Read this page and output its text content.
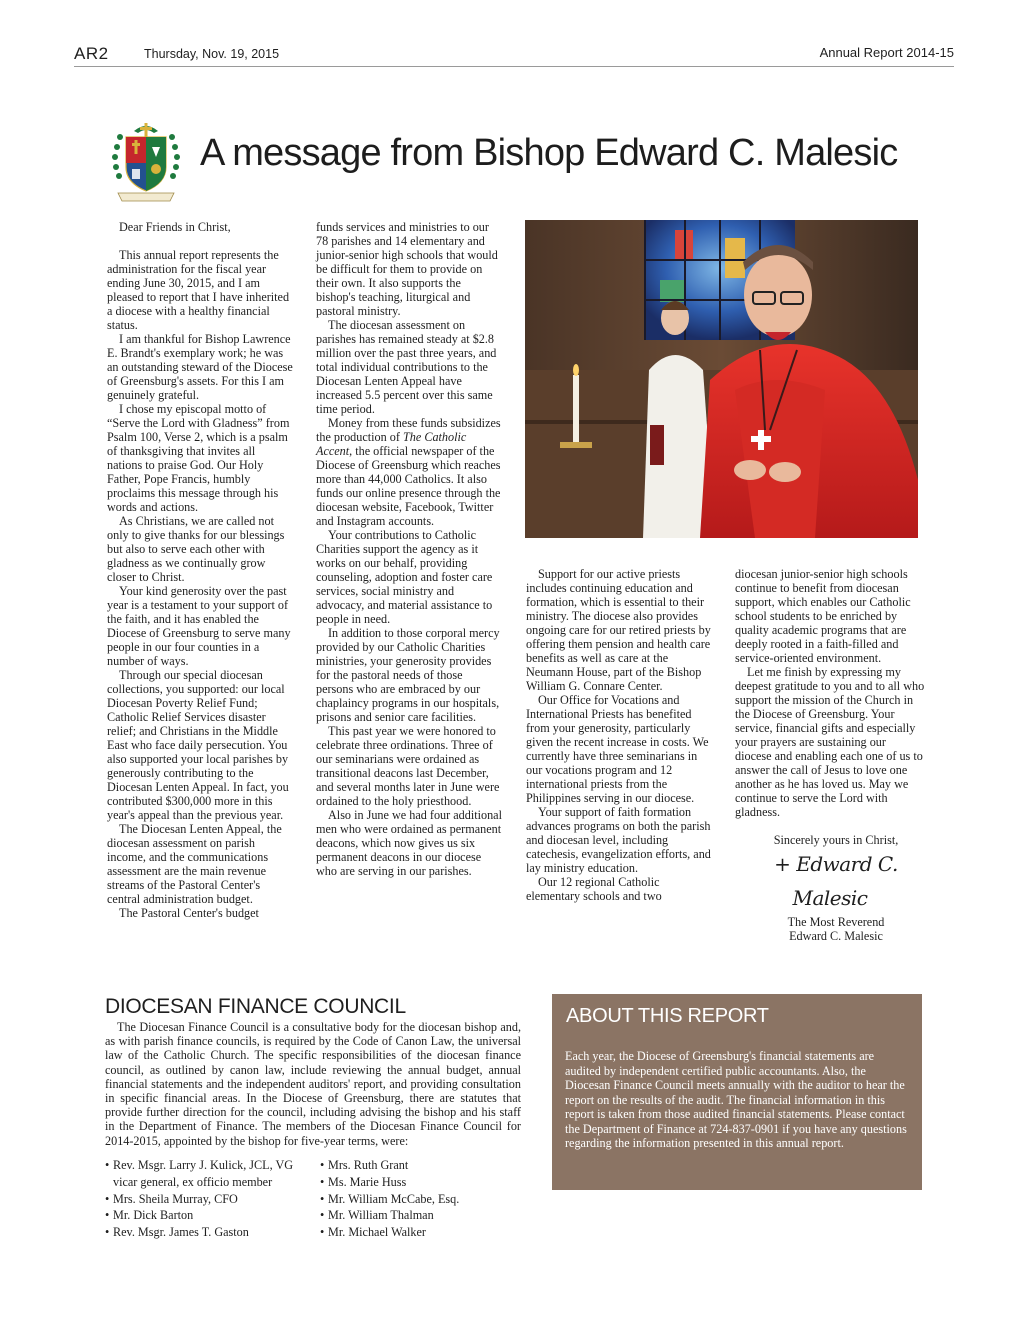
AR2	Thursday, Nov. 19, 2015	Annual Report 2014-15
A message from Bishop Edward C. Malesic

Dear Friends in Christ,

This annual report represents the administration for the fiscal year ending June 30, 2015, and I am pleased to report that I have inherited a diocese with a healthy financial status.

I am thankful for Bishop Lawrence E. Brandt's exemplary work; he was an outstanding steward of the Diocese of Greensburg's assets. For this I am genuinely grateful.

I chose my episcopal motto of “Serve the Lord with Gladness” from Psalm 100, Verse 2, which is a psalm of thanksgiving that invites all nations to praise God. Our Holy Father, Pope Francis, humbly proclaims this message through his words and actions.

As Christians, we are called not only to give thanks for our blessings but also to serve each other with gladness as we continually grow closer to Christ.

Your kind generosity over the past year is a testament to your support of the faith, and it has enabled the Diocese of Greensburg to serve many people in our four counties in a number of ways.

Through our special diocesan collections, you supported: our local Diocesan Poverty Relief Fund; Catholic Relief Services disaster relief; and Christians in the Middle East who face daily persecution. You also supported your local parishes by generously contributing to the Diocesan Lenten Appeal. In fact, you contributed $300,000 more in this year's appeal than the previous year.

The Diocesan Lenten Appeal, the diocesan assessment on parish income, and the communications assessment are the main revenue streams of the Pastoral Center's central administration budget.

The Pastoral Center's budget

funds services and ministries to our 78 parishes and 14 elementary and junior-senior high schools that would be difficult for them to provide on their own. It also supports the bishop's teaching, liturgical and pastoral ministry.

The diocesan assessment on parishes has remained steady at $2.8 million over the past three years, and total individual contributions to the Diocesan Lenten Appeal have increased 5.5 percent over this same time period.

Money from these funds subsidizes the production of The Catholic Accent, the official newspaper of the Diocese of Greensburg which reaches more than 44,000 Catholics. It also funds our online presence through the diocesan website, Facebook, Twitter and Instagram accounts.

Your contributions to Catholic Charities support the agency as it works on our behalf, providing counseling, adoption and foster care services, social ministry and advocacy, and material assistance to people in need.

In addition to those corporal mercy provided by our Catholic Charities ministries, your generosity provides for the pastoral needs of those persons who are embraced by our chaplaincy programs in our hospitals, prisons and senior care facilities.

This past year we were honored to celebrate three ordinations. Three of our seminarians were ordained as transitional deacons last December, and several months later in June were ordained to the holy priesthood.

Also in June we had four additional men who were ordained as permanent deacons, which now gives us six permanent deacons in our diocese who are serving in our parishes.

Support for our active priests includes continuing education and formation, which is essential to their ministry. The diocese also provides ongoing care for our retired priests by offering them pension and health care benefits as well as care at the Neumann House, part of the Bishop William G. Connare Center.

Our Office for Vocations and International Priests has benefited from your generosity, particularly given the recent increase in costs. We currently have three seminarians in our vocations program and 12 international priests from the Philippines serving in our diocese.

Your support of faith formation advances programs on both the parish and diocesan level, including catechesis, evangelization efforts, and lay ministry education.

Our 12 regional Catholic elementary schools and two

diocesan junior-senior high schools continue to benefit from diocesan support, which enables our Catholic school students to be enriched by quality academic programs that are deeply rooted in a faith-filled and service-oriented environment.

Let me finish by expressing my deepest gratitude to you and to all who support the mission of the Church in the Diocese of Greensburg. Your service, financial gifts and especially your prayers are sustaining our diocese and enabling each one of us to answer the call of Jesus to love one another as he has loved us. May we continue to serve the Lord with gladness.

Sincerely yours in Christ,

+ Edward C. Malesic

The Most Reverend

Edward C. Malesic

DIOCESAN FINANCE COUNCIL

The Diocesan Finance Council is a consultative body for the diocesan bishop and, as with parish finance councils, is required by the Code of Canon Law, the universal law of the Catholic Church. The specific responsibilities of the diocesan finance council, as outlined by canon law, include reviewing the annual budget, annual financial statements and the independent auditors' report, and providing consultation in specific financial areas. In the Diocese of Greensburg, there are statutes that provide further direction for the council, including advising the bishop and his staff in the Department of Finance. The members of the Diocesan Finance Council for 2014-2015, appointed by the bishop for five-year terms, were:

• Rev. Msgr. Larry J. Kulick, JCL, VG vicar general, ex officio member
• Mrs. Sheila Murray, CFO
• Mr. Dick Barton
• Rev. Msgr. James T. Gaston
• Mrs. Ruth Grant
• Ms. Marie Huss
• Mr. William McCabe, Esq.
• Mr. William Thalman
• Mr. Michael Walker
ABOUT THIS REPORT
Each year, the Diocese of Greensburg's financial statements are audited by independent certified public accountants. Also, the Diocesan Finance Council meets annually with the auditor to hear the report on the results of the audit. The financial information in this report is taken from those audited financial statements. Please contact the Department of Finance at 724-837-0901 if you have any questions regarding the information presented in this annual report.
